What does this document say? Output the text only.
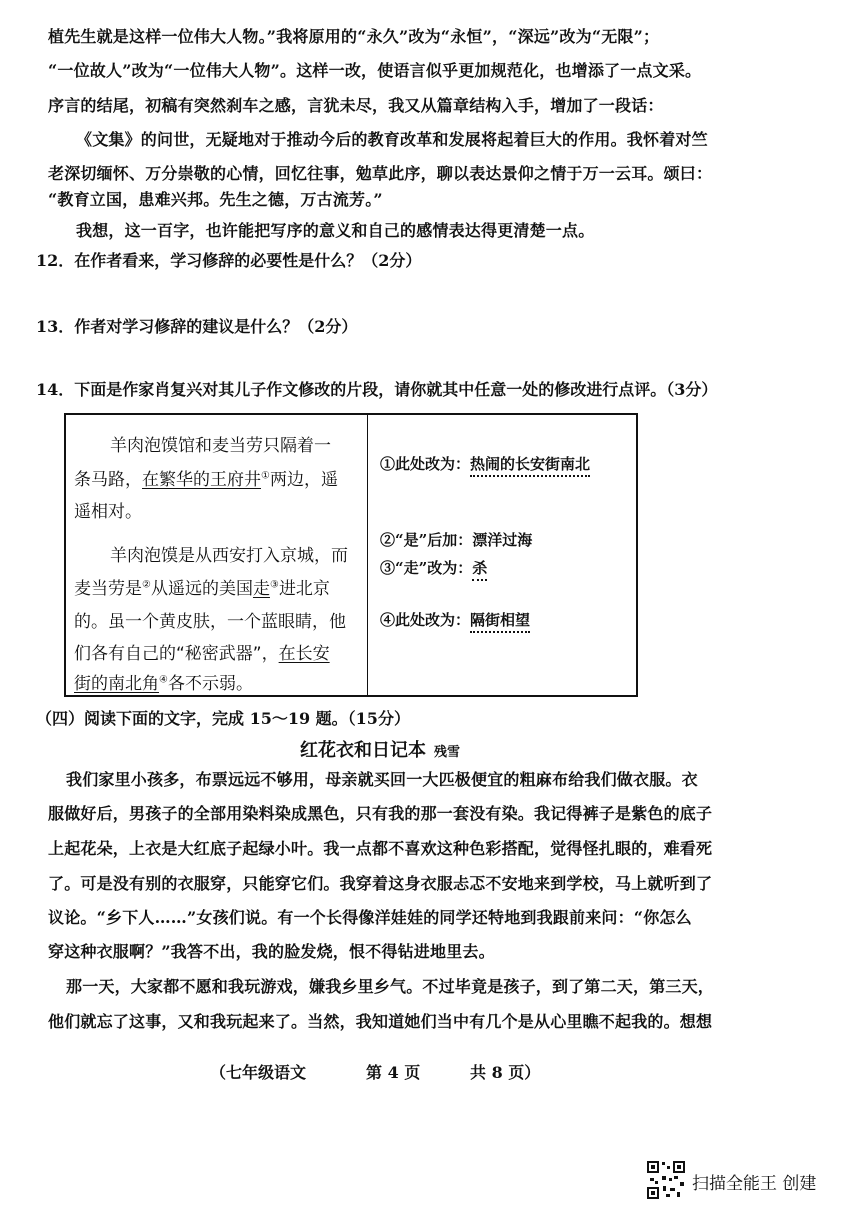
植先生就是这样一位伟大人物。”我将原用的“永久”改为“永恒”，“深远”改为“无限”；
“一位故人”改为“一位伟大人物”。这样一改，使语言似乎更加规范化，也增添了一点文采。
序言的结尾，初稿有突然刹车之感，言犹未尽，我又从篇章结构入手，增加了一段话：
《文集》的问世，无疑地对于推动今后的教育改革和发展将起着巨大的作用。我怀着对竺
老深切缅怀、万分崇敬的心情，回忆往事，勉草此序，聊以表达景仰之情于万一云耳。颂曰：
“教育立国，患难兴邦。先生之德，万古流芳。”
我想，这一百字，也许能把写序的意义和自己的感情表达得更清楚一点。
12．在作者看来，学习修辞的必要性是什么？（2分）
13．作者对学习修辞的建议是什么？（2分）
14．下面是作家肖复兴对其儿子作文修改的片段，请你就其中任意一处的修改进行点评。（3分）
羊肉泡馍馆和麦当劳只隔着一
条马路，在繁华的王府井①两边，遥
遥相对。
羊肉泡馍是从西安打入京城，而
麦当劳是②从遥远的美国走③进北京
的。虽一个黄皮肤，一个蓝眼睛，他
们各有自己的“秘密武器”，在长安
街的南北角④各不示弱。
①此处改为：热闹的长安街南北
②“是”后加：漂洋过海
③“走”改为：杀
④此处改为：隔街相望
（四）阅读下面的文字，完成 15～19 题。（15分）
红花衣和日记本 残雪
我们家里小孩多，布票远远不够用，母亲就买回一大匹极便宜的粗麻布给我们做衣服。衣
服做好后，男孩子的全部用染料染成黑色，只有我的那一套没有染。我记得裤子是紫色的底子
上起花朵，上衣是大红底子起绿小叶。我一点都不喜欢这种色彩搭配，觉得怪扎眼的，难看死
了。可是没有别的衣服穿，只能穿它们。我穿着这身衣服忐忑不安地来到学校，马上就听到了
议论。“乡下人……”女孩们说。有一个长得像洋娃娃的同学还特地到我跟前来问：“你怎么
穿这种衣服啊？”我答不出，我的脸发烧，恨不得钻进地里去。
那一天，大家都不愿和我玩游戏，嫌我乡里乡气。不过毕竟是孩子，到了第二天，第三天，
他们就忘了这事，又和我玩起来了。当然，我知道她们当中有几个是从心里瞧不起我的。想想
（七年级语文	第 4 页	共 8 页）
扫描全能王 创建
